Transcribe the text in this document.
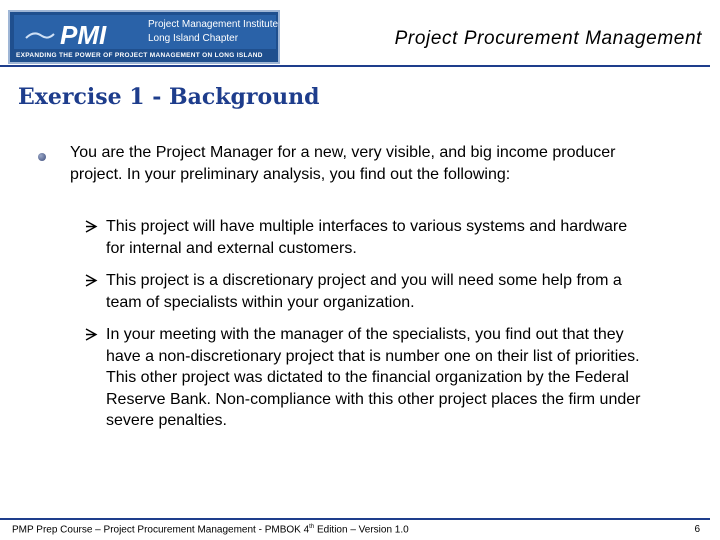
PMI	Project Management Institute
Long Island Chapter
EXPANDING THE POWER OF PROJECT MANAGEMENT ON LONG ISLAND
Project Procurement Management
Exercise 1 - Background
You are the Project Manager for a new, very visible, and big income producer project. In your preliminary analysis, you find out the following:
This project will have multiple interfaces to various systems and hardware for internal and external customers.
This project is a discretionary project and you will need some help from a team of specialists within your organization.
In your meeting with the manager of the specialists, you find out that they have a non-discretionary project that is number one on their list of priorities. This other project was dictated to the financial organization by the Federal Reserve Bank. Non-compliance with this other project places the firm under severe penalties.
PMP Prep Course – Project Procurement Management - PMBOK 4th Edition – Version 1.0	6
